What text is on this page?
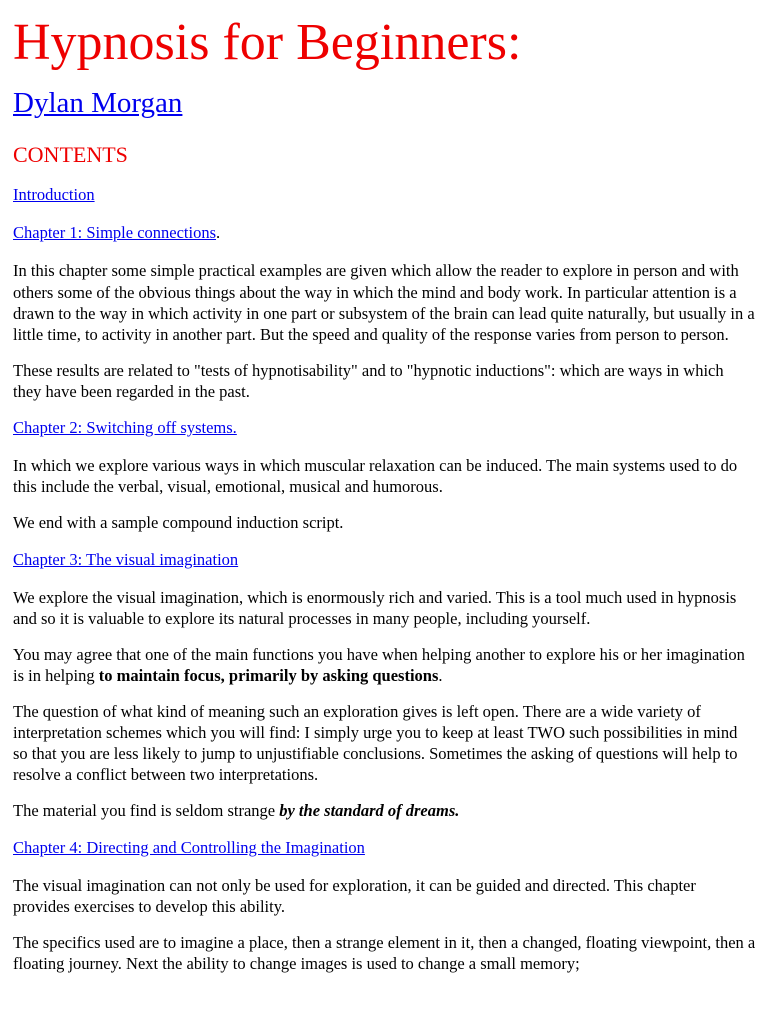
Hypnosis for Beginners:
Dylan Morgan
CONTENTS

Introduction

Chapter 1: Simple connections.

In this chapter some simple practical examples are given which allow the reader to explore in person and with others some of the obvious things about the way in which the mind and body work. In particular attention is a drawn to the way in which activity in one part or subsystem of the brain can lead quite naturally, but usually in a little time, to activity in another part. But the speed and quality of the response varies from person to person.

These results are related to "tests of hypnotisability" and to "hypnotic inductions": which are ways in which they have been regarded in the past.

Chapter 2: Switching off systems.

In which we explore various ways in which muscular relaxation can be induced. The main systems used to do this include the verbal, visual, emotional, musical and humorous.

We end with a sample compound induction script.

Chapter 3: The visual imagination

We explore the visual imagination, which is enormously rich and varied. This is a tool much used in hypnosis and so it is valuable to explore its natural processes in many people, including yourself.

You may agree that one of the main functions you have when helping another to explore his or her imagination is in helping to maintain focus, primarily by asking questions.

The question of what kind of meaning such an exploration gives is left open. There are a wide variety of interpretation schemes which you will find: I simply urge you to keep at least TWO such possibilities in mind so that you are less likely to jump to unjustifiable conclusions. Sometimes the asking of questions will help to resolve a conflict between two interpretations.

The material you find is seldom strange by the standard of dreams.

Chapter 4: Directing and Controlling the Imagination

The visual imagination can not only be used for exploration, it can be guided and directed. This chapter provides exercises to develop this ability.

The specifics used are to imagine a place, then a strange element in it, then a changed, floating viewpoint, then a floating journey. Next the ability to change images is used to change a small memory;
